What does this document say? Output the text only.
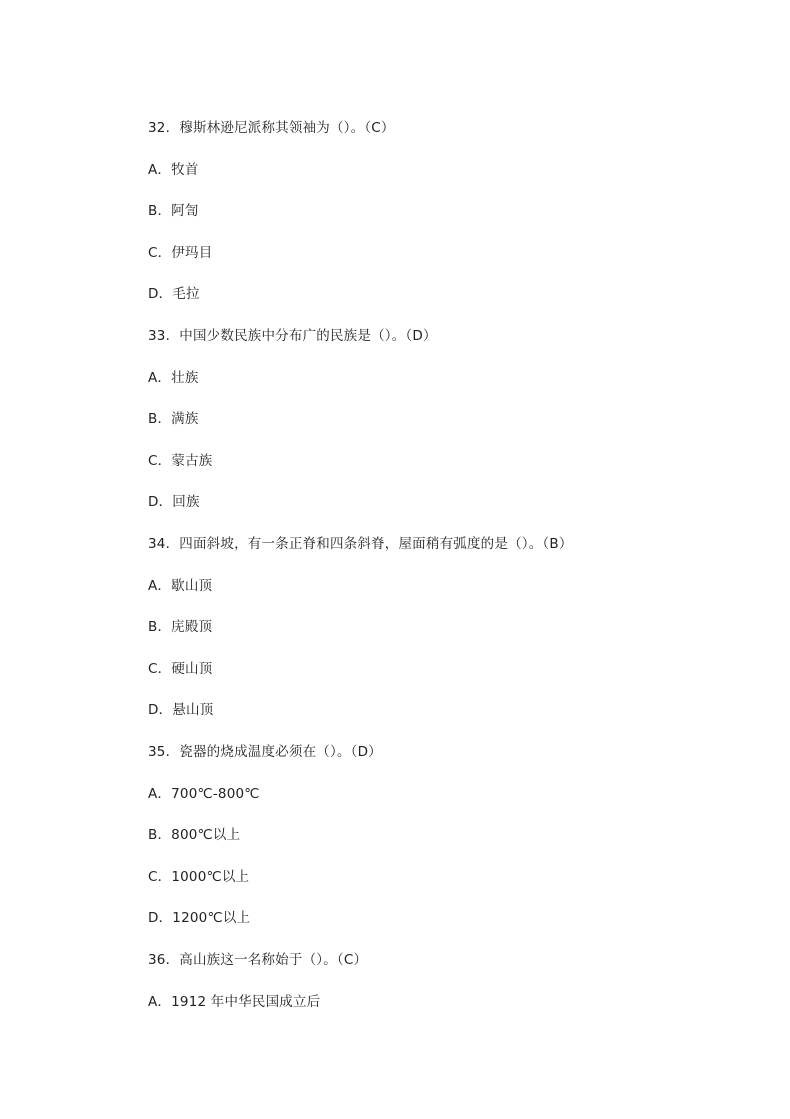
32．穆斯林逊尼派称其领袖为（）。（C）
A．牧首
B．阿訇
C．伊玛目
D．毛拉
33．中国少数民族中分布广的民族是（）。（D）
A．壮族
B．满族
C．蒙古族
D．回族
34．四面斜坡，有一条正脊和四条斜脊，屋面稍有弧度的是（）。（B）
A．歇山顶
B．庑殿顶
C．硬山顶
D．悬山顶
35．瓷器的烧成温度必须在（）。（D）
A．700℃-800℃
B．800℃以上
C．1000℃以上
D．1200℃以上
36．高山族这一名称始于（）。（C）
A．1912 年中华民国成立后
